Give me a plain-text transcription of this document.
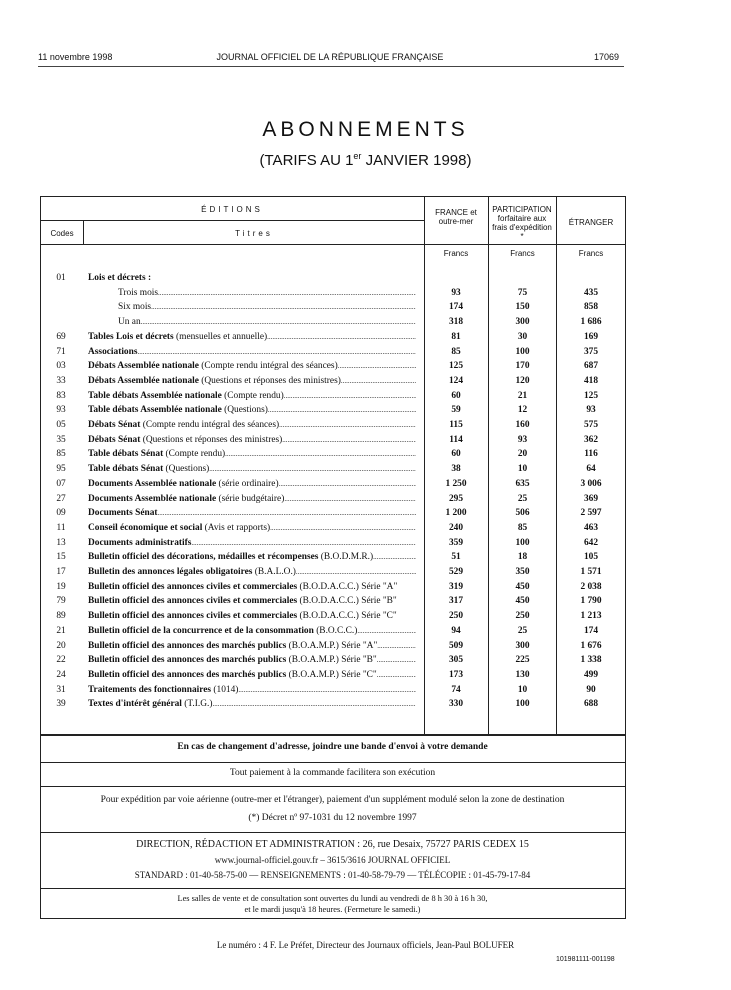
11 novembre 1998	JOURNAL OFFICIEL DE LA RÉPUBLIQUE FRANÇAISE	17069
ABONNEMENTS
(TARIFS AU 1er JANVIER 1998)
ÉDITIONS
Codes	Titres
FRANCE et outre-mer
PARTICIPATION forfaitaire aux frais d'expédition *
ÉTRANGER
Francs	Francs	Francs
01	Lois et décrets :
Trois mois .....	93	75	435
Six mois .....	174	150	858
Un an .....	318	300	1 686
69	Tables Lois et décrets (mensuelles et annuelle) .....	81	30	169
71	Associations .....	85	100	375
03	Débats Assemblée nationale (Compte rendu intégral des séances) .....	125	170	687
33	Débats Assemblée nationale (Questions et réponses des ministres) .....	124	120	418
83	Table débats Assemblée nationale (Compte rendu) .....	60	21	125
93	Table débats Assemblée nationale (Questions) .....	59	12	93
05	Débats Sénat (Compte rendu intégral des séances) .....	115	160	575
35	Débats Sénat (Questions et réponses des ministres) .....	114	93	362
85	Table débats Sénat (Compte rendu) .....	60	20	116
95	Table débats Sénat (Questions) .....	38	10	64
07	Documents Assemblée nationale (série ordinaire) .....	1 250	635	3 006
27	Documents Assemblée nationale (série budgétaire) .....	295	25	369
09	Documents Sénat .....	1 200	506	2 597
11	Conseil économique et social (Avis et rapports) .....	240	85	463
13	Documents administratifs .....	359	100	642
15	Bulletin officiel des décorations, médailles et récompenses (B.O.D.M.R.) .....	51	18	105
17	Bulletin des annonces légales obligatoires (B.A.L.O.) .....	529	350	1 571
19	Bulletin officiel des annonces civiles et commerciales (B.O.D.A.C.C.) Série "A"	319	450	2 038
79	Bulletin officiel des annonces civiles et commerciales (B.O.D.A.C.C.) Série "B"	317	450	1 790
89	Bulletin officiel des annonces civiles et commerciales (B.O.D.A.C.C.) Série "C"	250	250	1 213
21	Bulletin officiel de la concurrence et de la consommation (B.O.C.C.) .....	94	25	174
20	Bulletin officiel des annonces des marchés publics (B.O.A.M.P.) Série "A" .....	509	300	1 676
22	Bulletin officiel des annonces des marchés publics (B.O.A.M.P.) Série "B" .....	305	225	1 338
24	Bulletin officiel des annonces des marchés publics (B.O.A.M.P.) Série "C" .....	173	130	499
31	Traitements des fonctionnaires (1014) .....	74	10	90
39	Textes d'intérêt général (T.I.G.) .....	330	100	688
En cas de changement d'adresse, joindre une bande d'envoi à votre demande
Tout paiement à la commande facilitera son exécution
Pour expédition par voie aérienne (outre-mer et l'étranger), paiement d'un supplément modulé selon la zone de destination
(*) Décret nº 97-1031 du 12 novembre 1997
DIRECTION, RÉDACTION ET ADMINISTRATION : 26, rue Desaix, 75727 PARIS CEDEX 15
www.journal-officiel.gouv.fr – 3615/3616 JOURNAL OFFICIEL
STANDARD : 01-40-58-75-00 — RENSEIGNEMENTS : 01-40-58-79-79 — TÉLÉCOPIE : 01-45-79-17-84
Les salles de vente et de consultation sont ouvertes du lundi au vendredi de 8 h 30 à 16 h 30,
et le mardi jusqu'à 18 heures. (Fermeture le samedi.)
Le numéro : 4 F. Le Préfet, Directeur des Journaux officiels, Jean-Paul BOLUFER
101981111-001198
